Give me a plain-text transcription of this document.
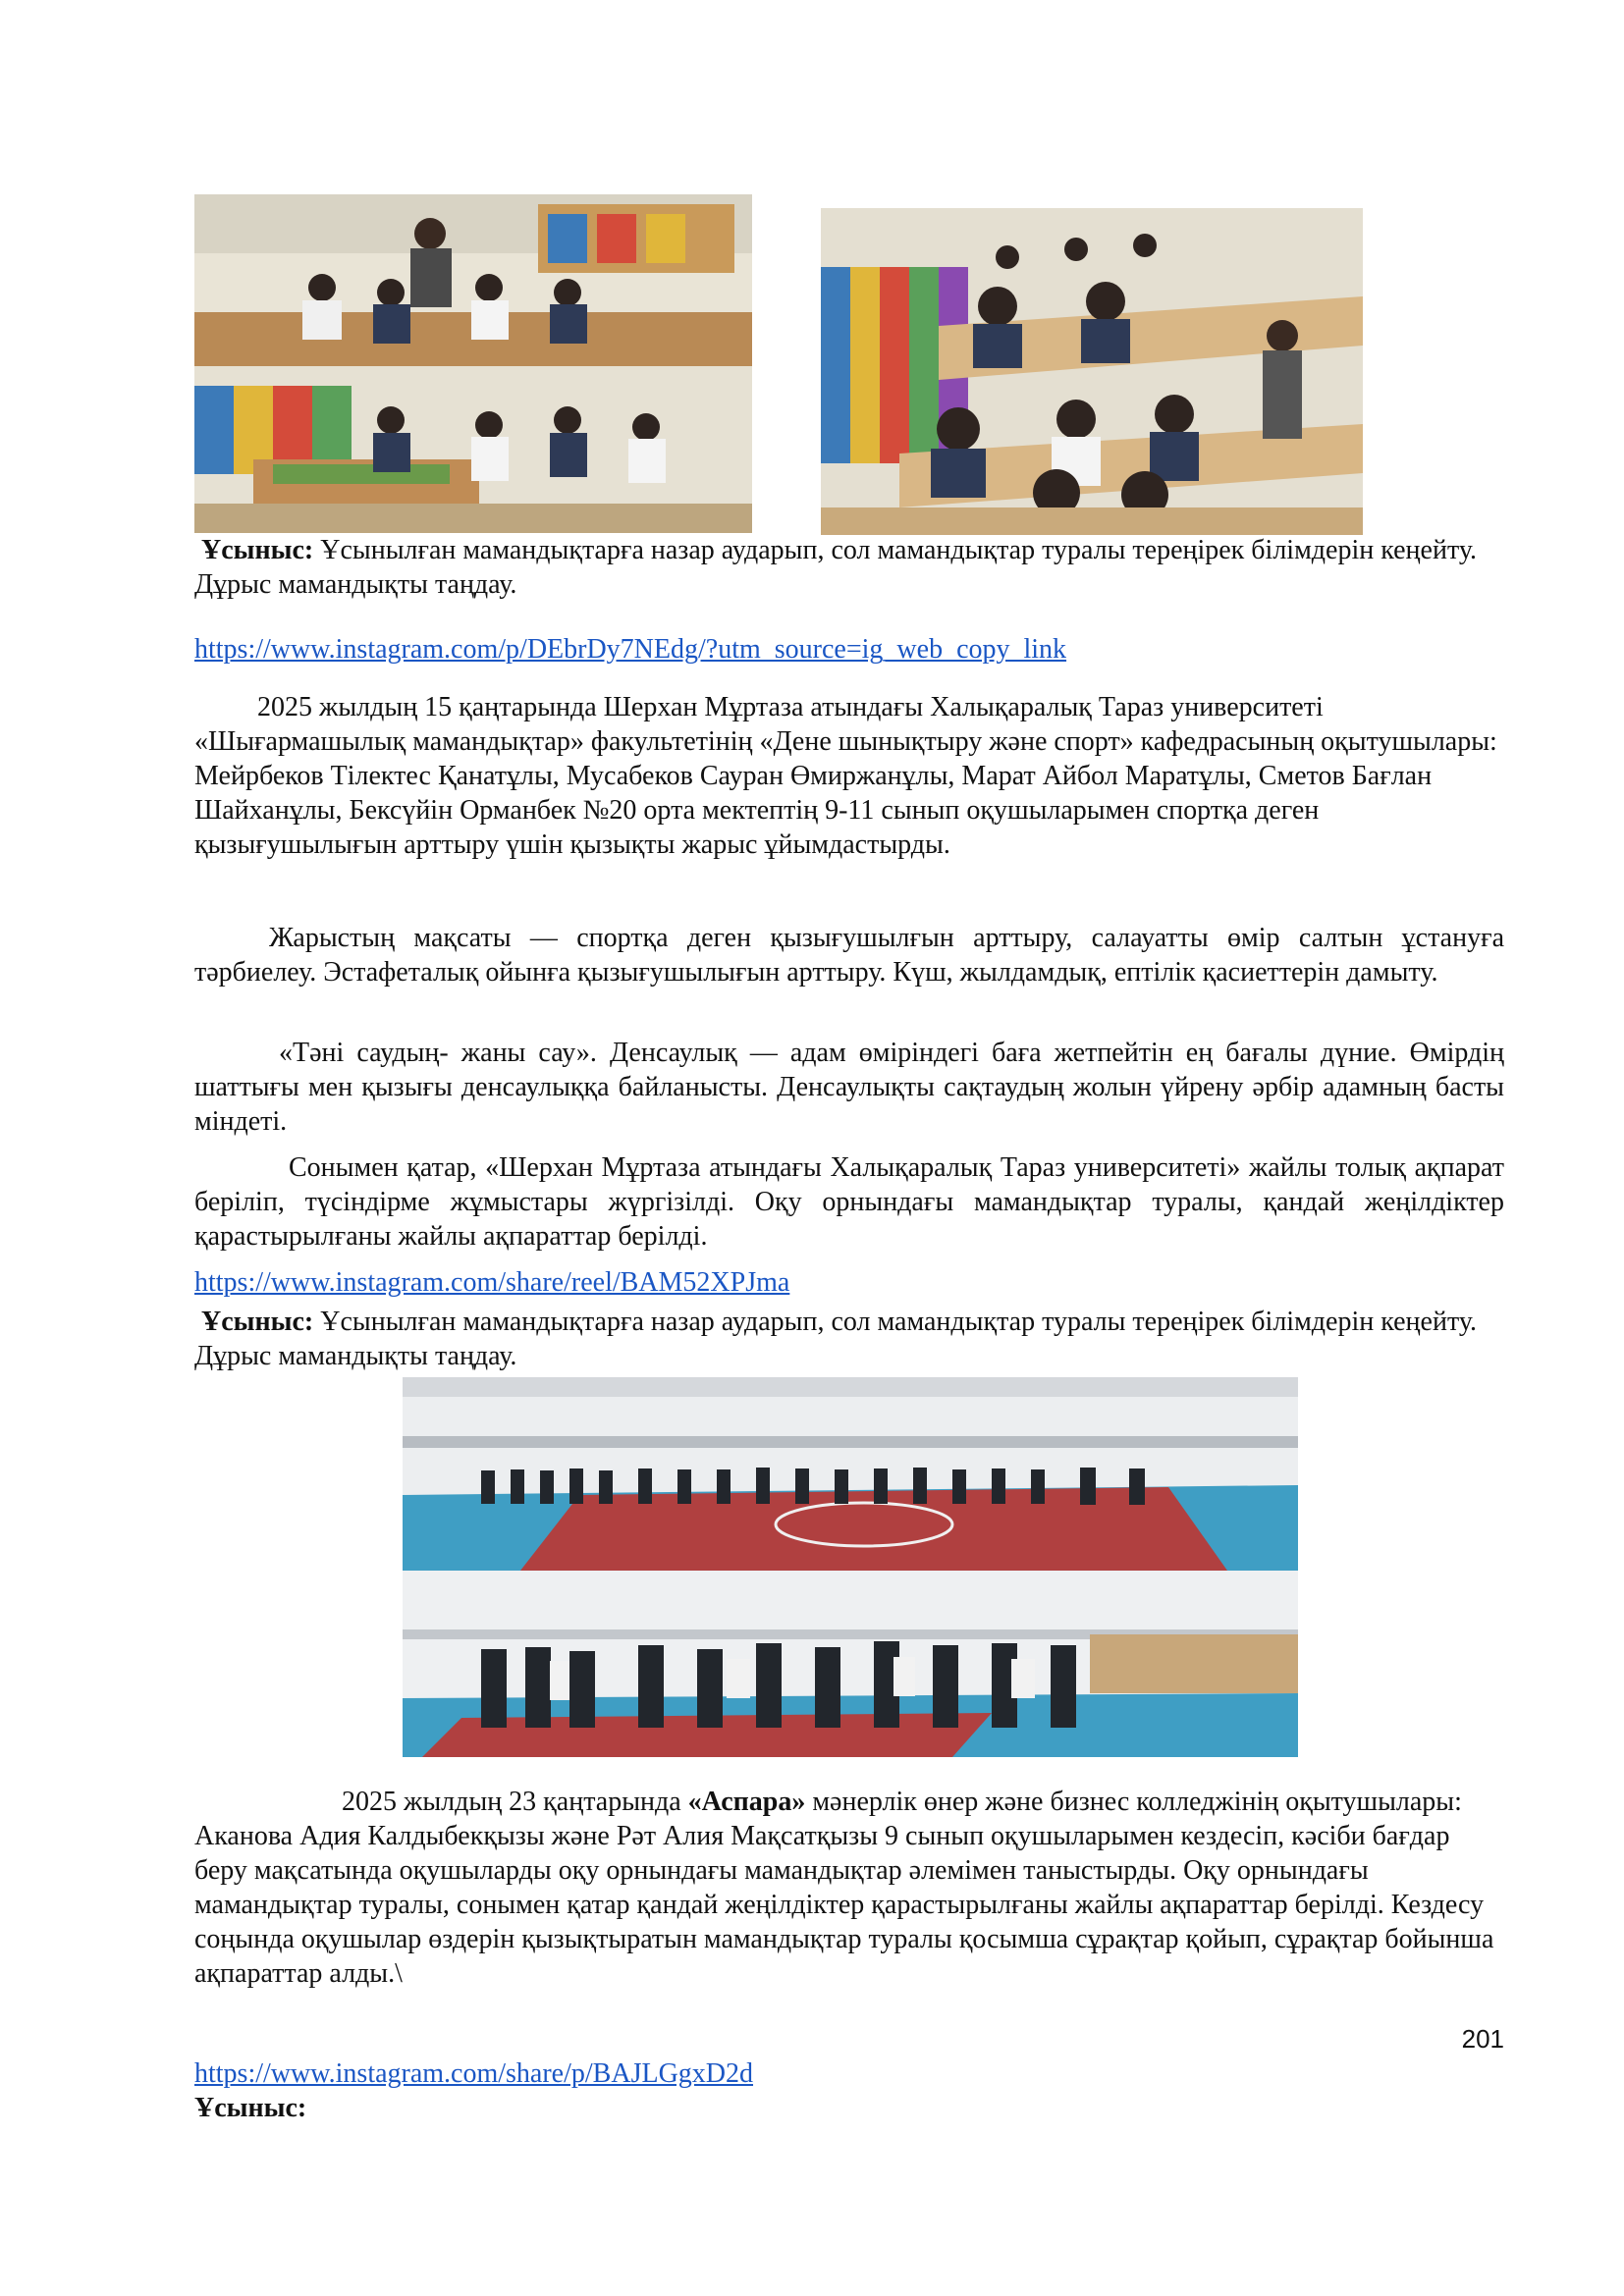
Ұсыныс: Ұсынылған мамандықтарға назар аударып, сол мамандықтар туралы тереңірек білімдерін кеңейту. Дұрыс мамандықты таңдау.

https://www.instagram.com/p/DEbrDy7NEdg/?utm_source=ig_web_copy_link

2025 жылдың 15 қаңтарында Шерхан Мұртаза атындағы Халықаралық Тараз университеті «Шығармашылық мамандықтар» факультетінің «Дене шынықтыру және спорт» кафедрасының оқытушылары: Мейрбеков Тілектес Қанатұлы, Мусабеков Сауран Өмиржанұлы, Марат Айбол Маратұлы, Сметов Бағлан Шайханұлы, Бексүйін Орманбек №20 орта мектептің 9-11 сынып оқушыларымен спортқа деген қызығушылығын арттыру үшін қызықты жарыс ұйымдастырды.

Жарыстың мақсаты — спортқа деген қызығушылғын арттыру, салауатты өмір салтын ұстануға тәрбиелеу. Эстафеталық ойынға қызығушылығын арттыру. Күш, жылдамдық, ептілік қасиеттерін дамыту.

«Тәні саудың- жаны сау». Денсаулық — адам өміріндегі баға жетпейтін ең бағалы дүние. Өмірдің шаттығы мен қызығы денсаулыққа байланысты. Денсаулықты сақтаудың жолын үйрену әрбір адамның басты міндеті.

Сонымен қатар, «Шерхан Мұртаза атындағы Халықаралық Тараз университеті» жайлы толық ақпарат беріліп, түсіндірме жұмыстары жүргізілді. Оқу орнындағы мамандықтар туралы, қандай жеңілдіктер қарастырылғаны жайлы ақпараттар берілді.

https://www.instagram.com/share/reel/BAM52XPJma

Ұсыныс: Ұсынылған мамандықтарға назар аударып, сол мамандықтар туралы тереңірек білімдерін кеңейту. Дұрыс мамандықты таңдау.

2025 жылдың 23 қаңтарында «Аспара» мәнерлік өнер және бизнес колледжінің оқытушылары: Аканова Адия Калдыбекқызы және Рәт Алия Мақсатқызы 9 сынып оқушыларымен кездесіп, кәсіби бағдар беру мақсатында оқушыларды оқу орнындағы мамандықтар әлемімен таныстырды. Оқу орнындағы мамандықтар туралы, сонымен қатар қандай жеңілдіктер қарастырылғаны жайлы ақпараттар берілді. Кездесу соңында оқушылар өздерін қызықтыратын мамандықтар туралы қосымша сұрақтар қойып, сұрақтар бойынша ақпараттар алды.\

https://www.instagram.com/share/p/BAJLGgxD2d

Ұсыныс:

201
